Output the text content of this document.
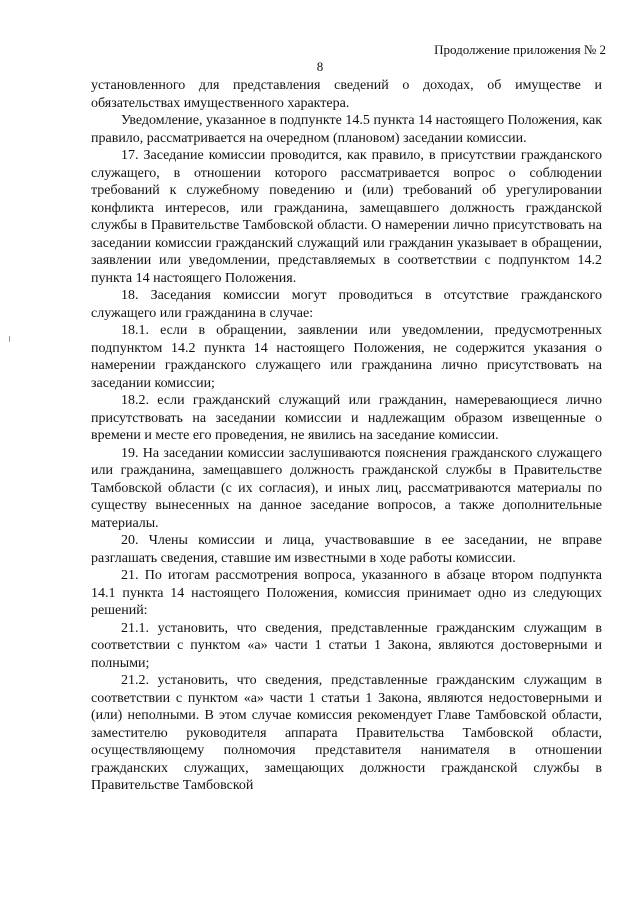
Продолжение приложения № 2
8

установленного для представления сведений о доходах, об имуществе и обязательствах имущественного характера.

Уведомление, указанное в подпункте 14.5 пункта 14 настоящего Положения, как правило, рассматривается на очередном (плановом) заседании комиссии.

17. Заседание комиссии проводится, как правило, в присутствии гражданского служащего, в отношении которого рассматривается вопрос о соблюдении требований к служебному поведению и (или) требований об урегулировании конфликта интересов, или гражданина, замещавшего должность гражданской службы в Правительстве Тамбовской области. О намерении лично присутствовать на заседании комиссии гражданский служащий или гражданин указывает в обращении, заявлении или уведомлении, представляемых в соответствии с подпунктом 14.2 пункта 14 настоящего Положения.

18. Заседания комиссии могут проводиться в отсутствие гражданского служащего или гражданина в случае:

18.1. если в обращении, заявлении или уведомлении, предусмотренных подпунктом 14.2 пункта 14 настоящего Положения, не содержится указания о намерении гражданского служащего или гражданина лично присутствовать на заседании комиссии;

18.2. если гражданский служащий или гражданин, намеревающиеся лично присутствовать на заседании комиссии и надлежащим образом извещенные о времени и месте его проведения, не явились на заседание комиссии.

19. На заседании комиссии заслушиваются пояснения гражданского служащего или гражданина, замещавшего должность гражданской службы в Правительстве Тамбовской области (с их согласия), и иных лиц, рассматриваются материалы по существу вынесенных на данное заседание вопросов, а также дополнительные материалы.

20. Члены комиссии и лица, участвовавшие в ее заседании, не вправе разглашать сведения, ставшие им известными в ходе работы комиссии.

21. По итогам рассмотрения вопроса, указанного в абзаце втором подпункта 14.1 пункта 14 настоящего Положения, комиссия принимает одно из следующих решений:

21.1. установить, что сведения, представленные гражданским служащим в соответствии с пунктом «а» части 1 статьи 1 Закона, являются достоверными и полными;

21.2. установить, что сведения, представленные гражданским служащим в соответствии с пунктом «а» части 1 статьи 1 Закона, являются недостоверными и (или) неполными. В этом случае комиссия рекомендует Главе Тамбовской области, заместителю руководителя аппарата Правительства Тамбовской области, осуществляющему полномочия представителя нанимателя в отношении гражданских служащих, замещающих должности гражданской службы в Правительстве Тамбовской
